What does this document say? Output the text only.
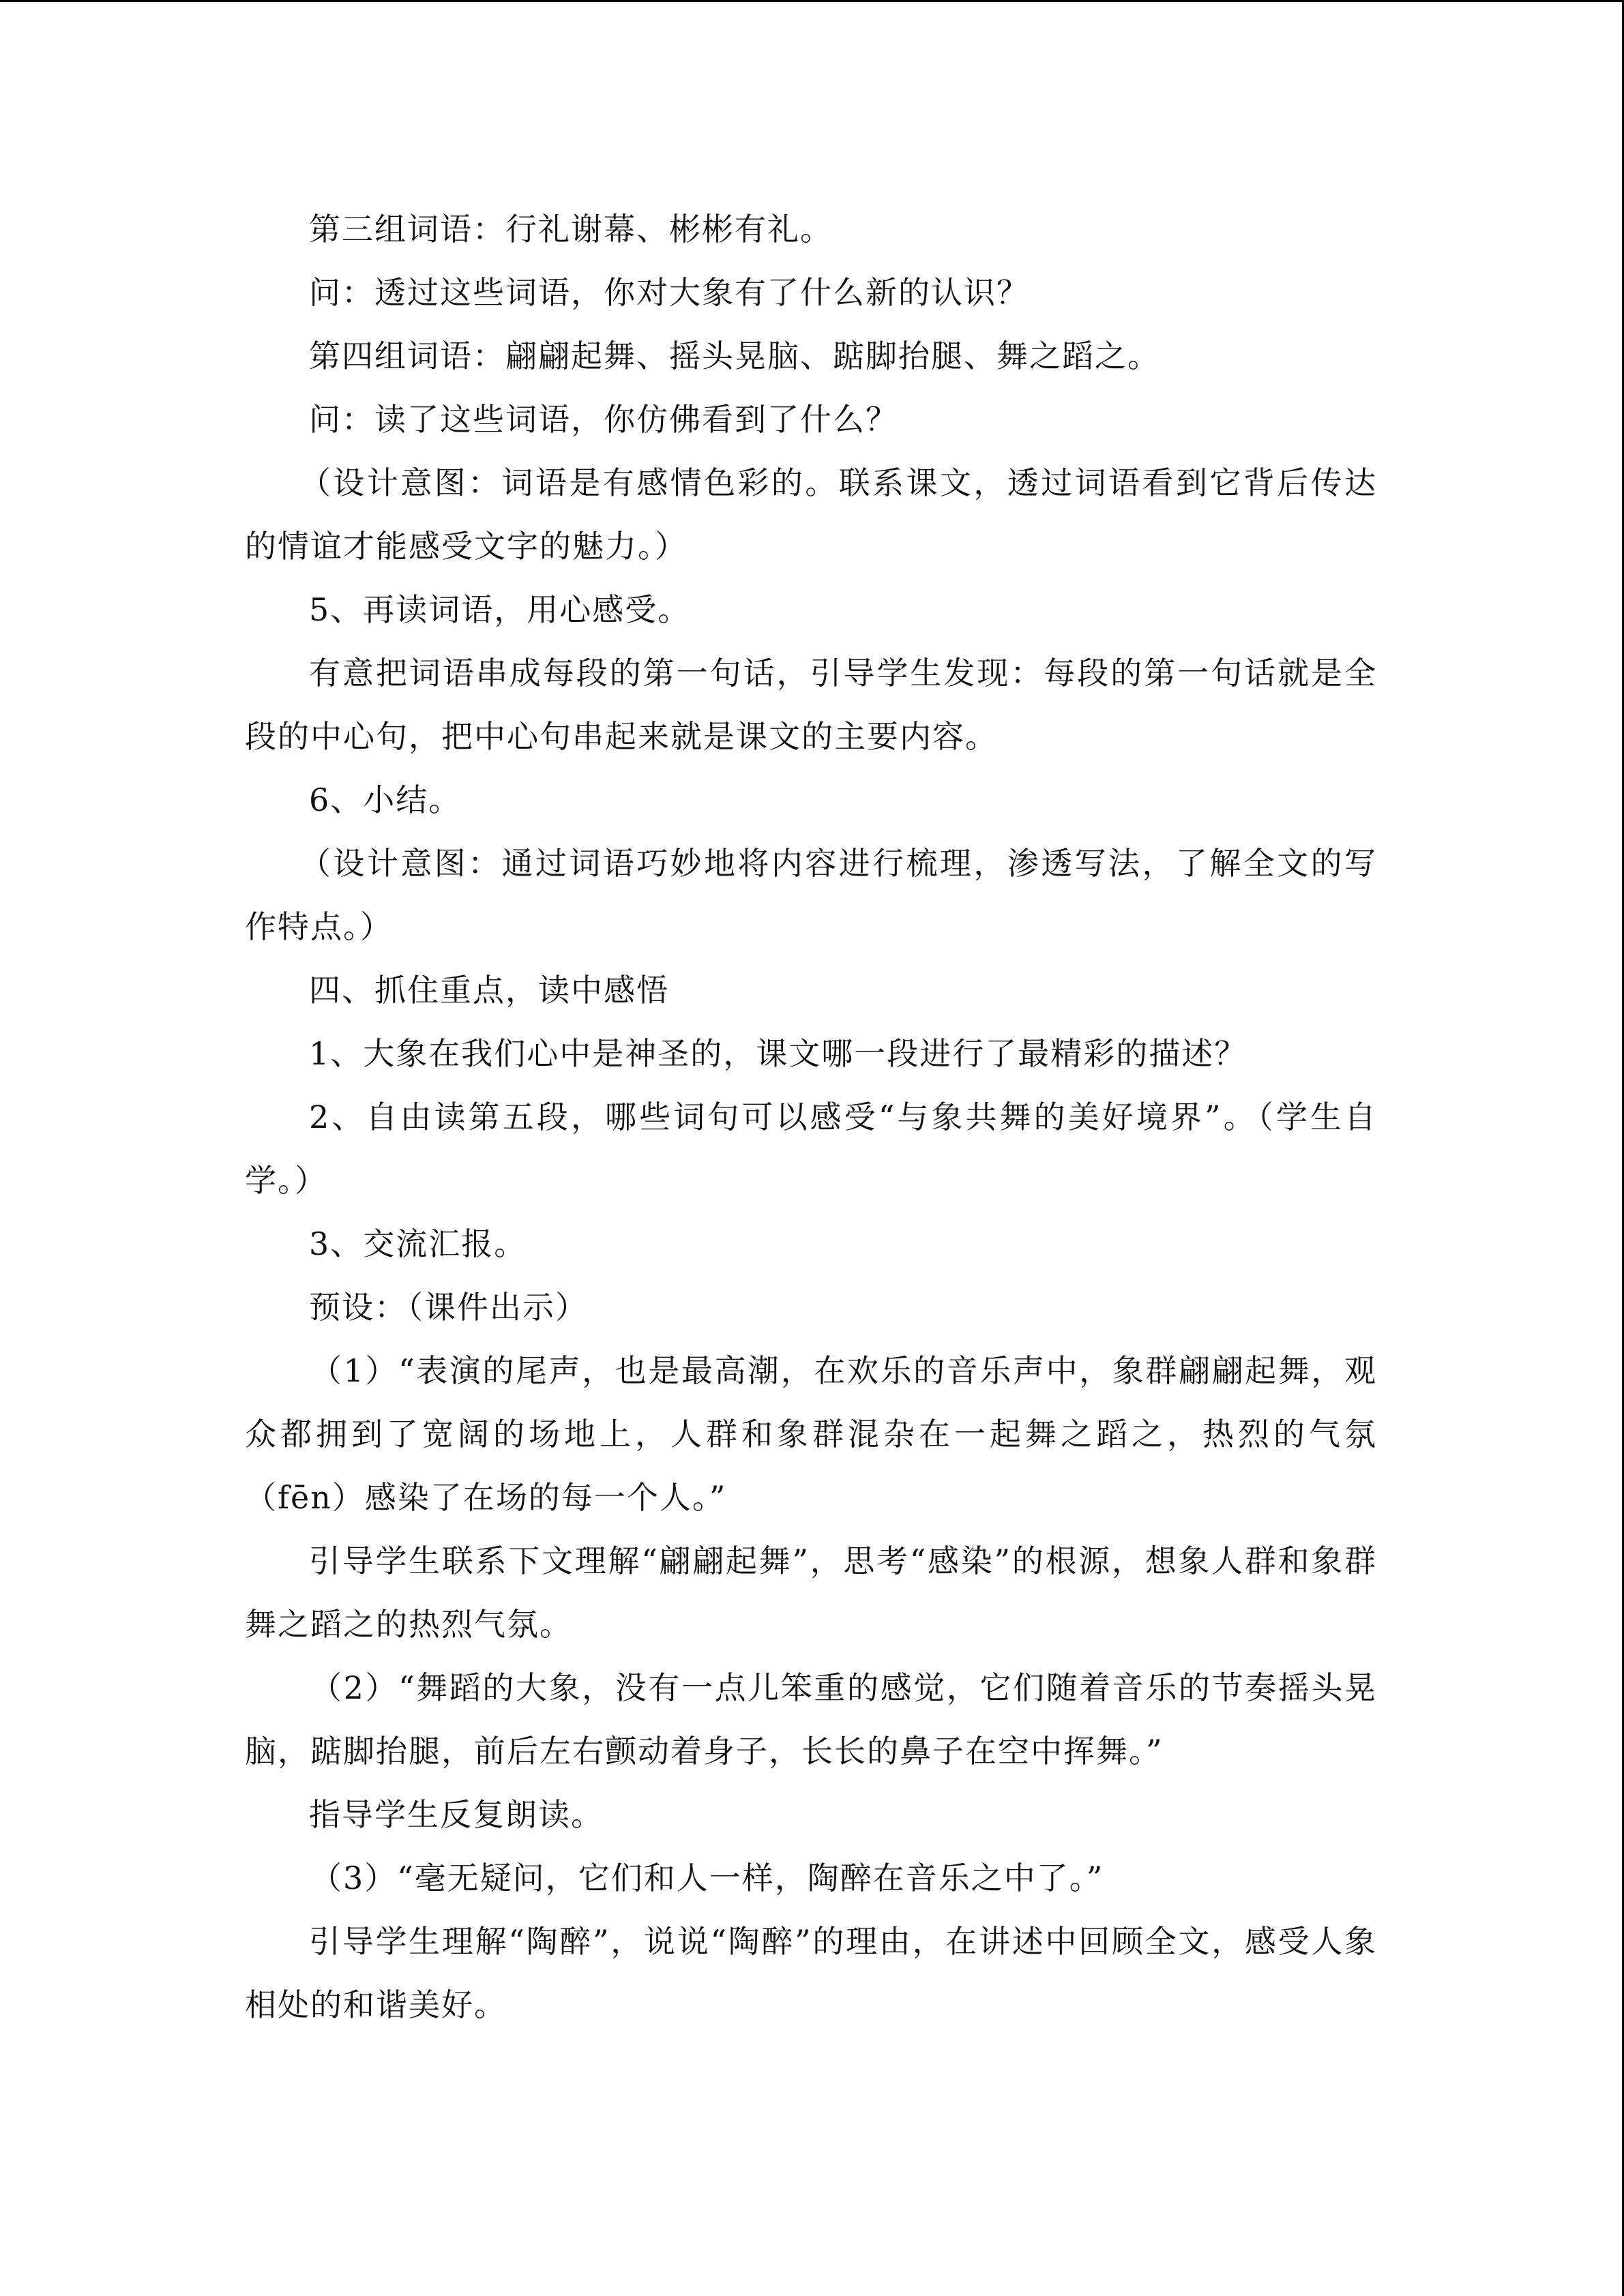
第三组词语：行礼谢幕、彬彬有礼。

问：透过这些词语，你对大象有了什么新的认识？

第四组词语：翩翩起舞、摇头晃脑、踮脚抬腿、舞之蹈之。

问：读了这些词语，你仿佛看到了什么？

（设计意图：词语是有感情色彩的。联系课文，透过词语看到它背后传达的情谊才能感受文字的魅力。）

5、再读词语，用心感受。

有意把词语串成每段的第一句话，引导学生发现：每段的第一句话就是全段的中心句，把中心句串起来就是课文的主要内容。

6、小结。

（设计意图：通过词语巧妙地将内容进行梳理，渗透写法，了解全文的写作特点。）

四、抓住重点，读中感悟

1、大象在我们心中是神圣的，课文哪一段进行了最精彩的描述？

2、自由读第五段，哪些词句可以感受“与象共舞的美好境界”。（学生自学。）

3、交流汇报。

预设：（课件出示）

（1）“表演的尾声，也是最高潮，在欢乐的音乐声中，象群翩翩起舞，观众都拥到了宽阔的场地上，人群和象群混杂在一起舞之蹈之，热烈的气氛（fēn）感染了在场的每一个人。”

引导学生联系下文理解“翩翩起舞”，思考“感染”的根源，想象人群和象群舞之蹈之的热烈气氛。

（2）“舞蹈的大象，没有一点儿笨重的感觉，它们随着音乐的节奏摇头晃脑，踮脚抬腿，前后左右颤动着身子，长长的鼻子在空中挥舞。”

指导学生反复朗读。

（3）“毫无疑问，它们和人一样，陶醉在音乐之中了。”

引导学生理解“陶醉”，说说“陶醉”的理由，在讲述中回顾全文，感受人象相处的和谐美好。
